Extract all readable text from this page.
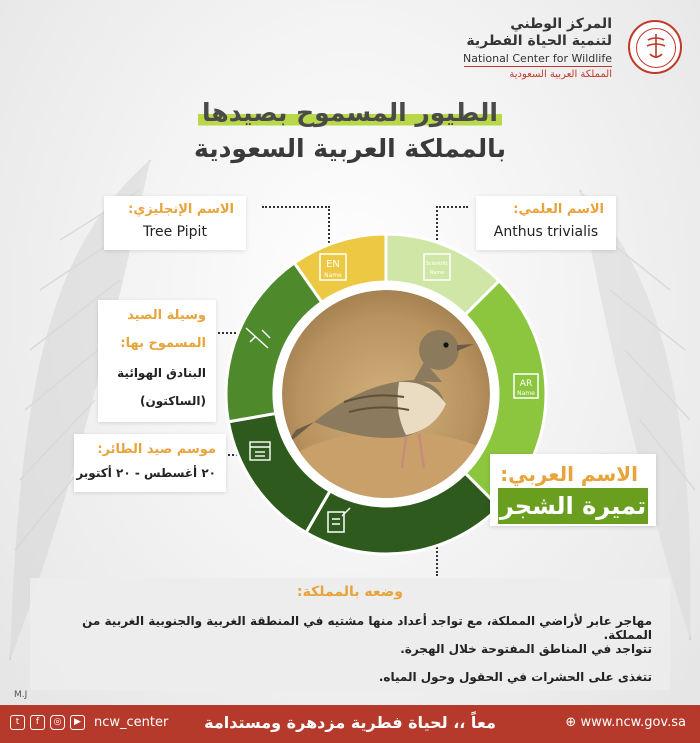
المركز الوطني
لتنمية الحياة الفطرية
National Center for Wildlife
المملكة العربية السعودية
الطيور المسموح بصيدها
بالمملكة العربية السعودية
الاسم الإنجليزي:
Tree Pipit
الاسم العلمي:
Anthus trivialis
وسيلة الصيد
المسموح بها:
البنادق الهوائية
(الساكتون)
موسم صيد الطائر:
٢٠ أغسطس - ٢٠ أكتوبر
EN
Name
Scientific
Name
AR
Name
الاسم العربي:
تميرة الشجر
وضعه بالمملكة:
مهاجر عابر لأراضي المملكة، مع تواجد أعداد منها مشتيه في المنطقة الغربية والجنوبية الغربية من المملكة.
تتواجد في المناطق المفتوحة خلال الهجرة.
تتغذى على الحشرات في الحقول وحول المياه.
M.J
t	f	◎	▶	ncw_center	معاً ،، لحياة فطرية مزدهرة ومستدامة	⊕ www.ncw.gov.sa
